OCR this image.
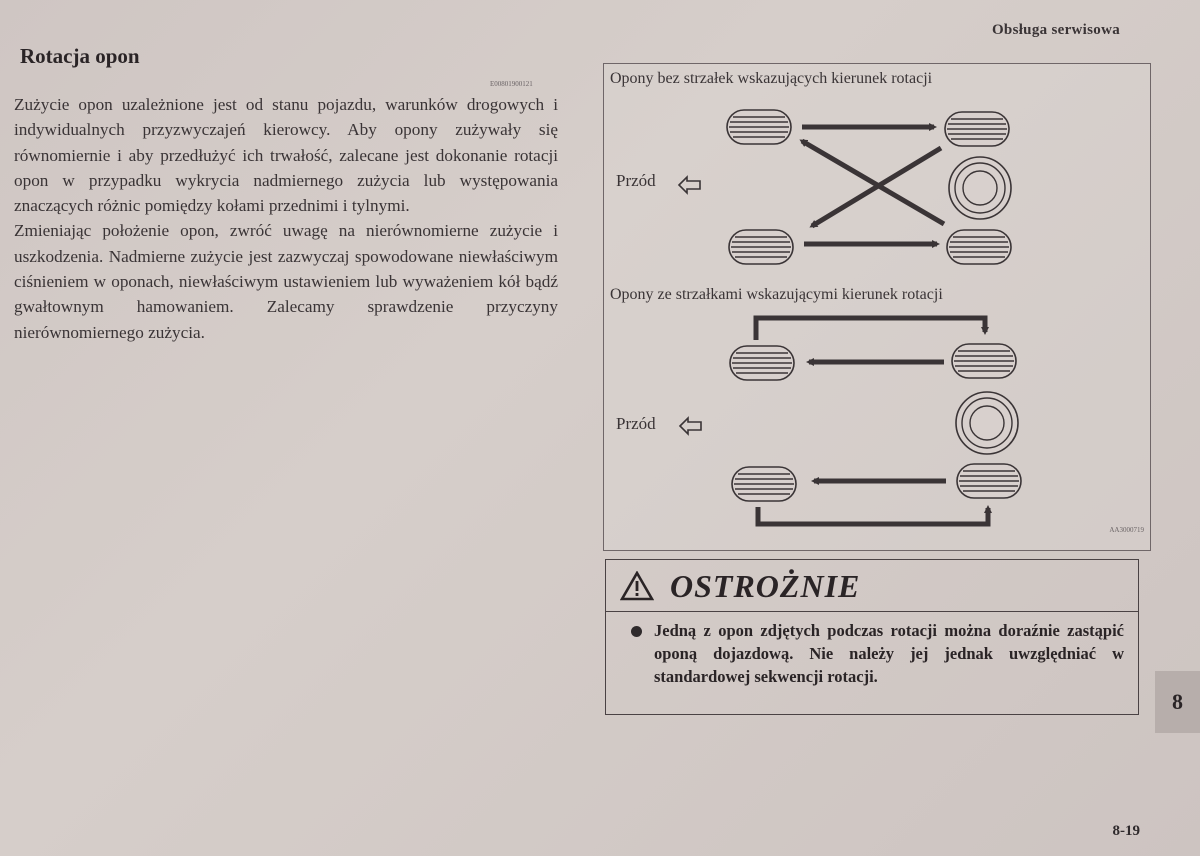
Obsługa serwisowa
Rotacja opon
E00801900121

Zużycie opon uzależnione jest od stanu pojazdu, warunków drogowych i indywidualnych przyzwyczajeń kierowcy. Aby opony zużywały się równomiernie i aby przedłużyć ich trwałość, zalecane jest dokonanie rotacji opon w przypadku wykrycia nadmiernego zużycia lub występowania znaczących różnic pomiędzy kołami przednimi i tylnymi.

Zmieniając położenie opon, zwróć uwagę na nierównomierne zużycie i uszkodzenia. Nadmierne zużycie jest zazwyczaj spowodowane niewłaściwym ciśnieniem w oponach, niewłaściwym ustawieniem lub wyważeniem kół bądź gwałtownym hamowaniem. Zalecamy sprawdzenie przyczyny nierównomiernego zużycia.

Opony bez strzałek wskazujących kierunek rotacji
Opony ze strzałkami wskazującymi kierunek rotacji
Przód
Przód
AA3000719
OSTROŻNIE
Jedną z opon zdjętych podczas rotacji można doraźnie zastąpić oponą dojazdową. Nie należy jej jednak uwzględniać w standardowej sekwencji rotacji.
8
8-19
